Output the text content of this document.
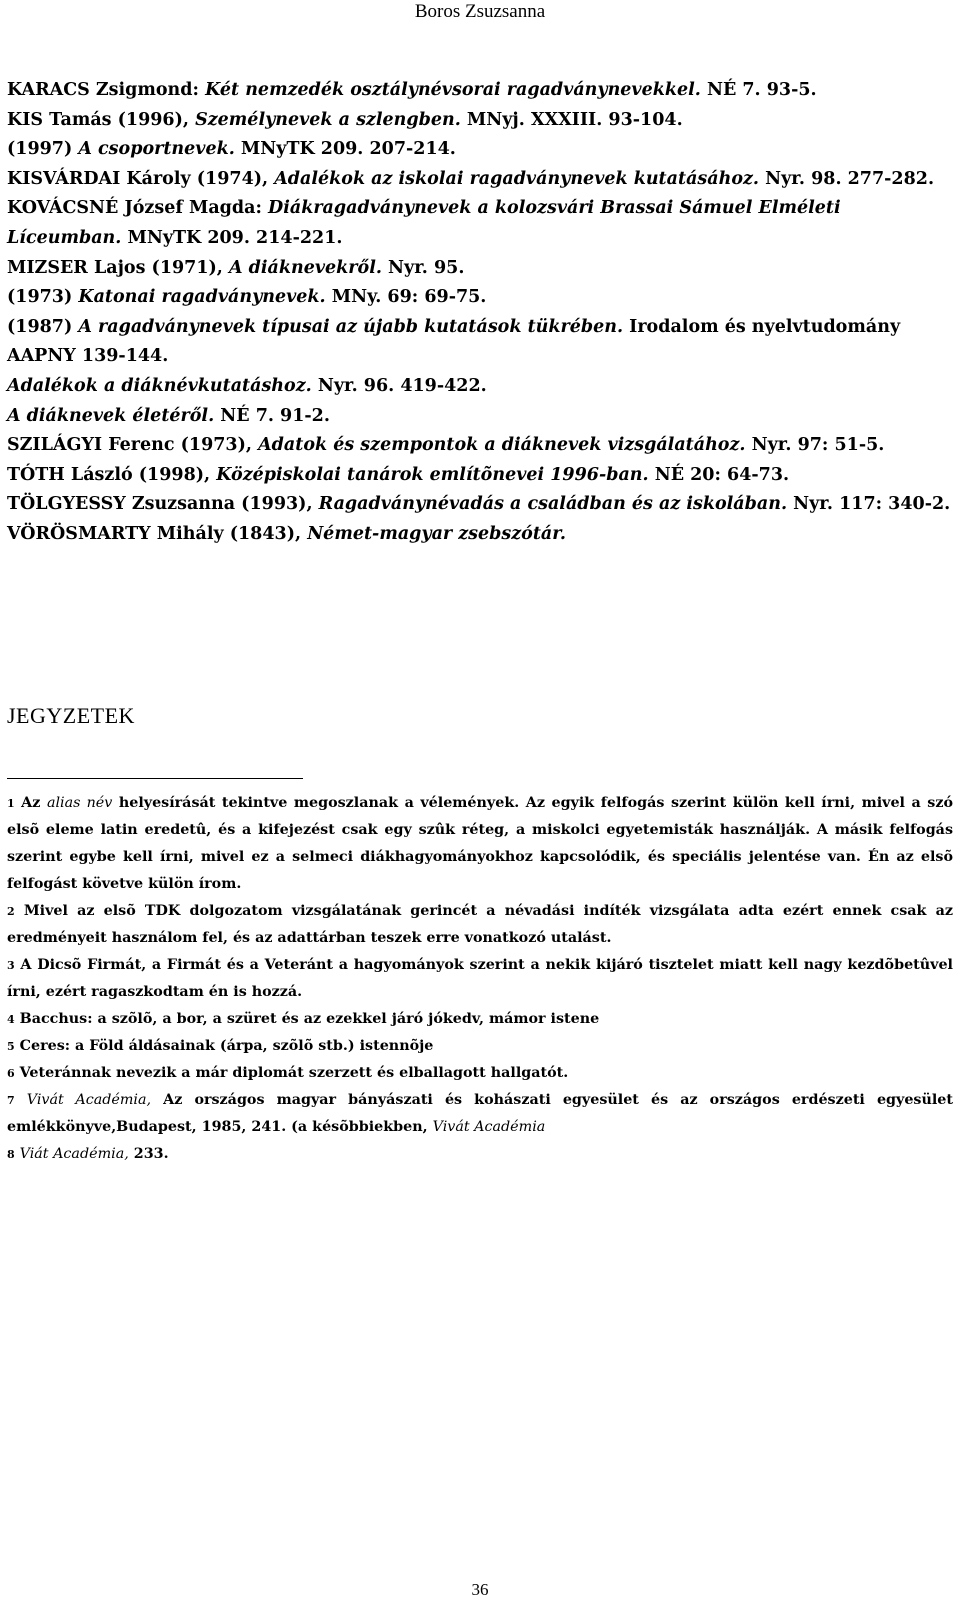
Boros Zsuzsanna

KARACS Zsigmond: Két nemzedék osztálynévsorai ragadványnevekkel. NÉ 7. 93-5.

KIS Tamás (1996), Személynevek a szlengben. MNyj. XXXIII. 93-104.

(1997) A csoportnevek. MNyTK 209. 207-214.

KISVÁRDAI Károly (1974), Adalékok az iskolai ragadványnevek kutatásához. Nyr. 98. 277-282.

KOVÁCSNÉ József Magda: Diákragadványnevek a kolozsvári Brassai Sámuel Elméleti Líceumban. MNyTK 209. 214-221.

MIZSER Lajos (1971), A diáknevekről. Nyr. 95.

(1973) Katonai ragadványnevek. MNy. 69: 69-75.

(1987) A ragadványnevek típusai az újabb kutatások tükrében. Irodalom és nyelvtudomány AAPNY 139-144.

Adalékok a diáknévkutatáshoz. Nyr. 96. 419-422.

A diáknevek életéről. NÉ 7. 91-2.

SZILÁGYI Ferenc (1973), Adatok és szempontok a diáknevek vizsgálatához. Nyr. 97: 51-5.

TÓTH László (1998), Középiskolai tanárok említõnevei 1996-ban. NÉ 20: 64-73.

TÖLGYESSY Zsuzsanna (1993), Ragadványnévadás a családban és az iskolában. Nyr. 117: 340-2.

VÖRÖSMARTY Mihály (1843), Német-magyar zsebszótár.

JEGYZETEK

1 Az alias név helyesírását tekintve megoszlanak a vélemények. Az egyik felfogás szerint külön kell írni, mivel a szó elsõ eleme latin eredetû, és a kifejezést csak egy szûk réteg, a miskolci egyetemisták használják. A másik felfogás szerint egybe kell írni, mivel ez a selmeci diákhagyományokhoz kapcsolódik, és speciális jelentése van. Én az elsõ felfogást követve külön írom.

2 Mivel az elsõ TDK dolgozatom vizsgálatának gerincét a névadási indíték vizsgálata adta ezért ennek csak az eredményeit használom fel, és az adattárban teszek erre vonatkozó utalást.

3 A Dicsõ Firmát, a Firmát és a Veteránt a hagyományok szerint a nekik kijáró tisztelet miatt kell nagy kezdõbetûvel írni, ezért ragaszkodtam én is hozzá.

4 Bacchus: a szõlõ, a bor, a szüret és az ezekkel járó jókedv, mámor istene

5 Ceres: a Föld áldásainak (árpa, szõlõ stb.) istennõje

6 Veteránnak nevezik a már diplomát szerzett és elballagott hallgatót.

7 Vivát Académia, Az országos magyar bányászati és kohászati egyesület és az országos erdészeti egyesület emlékkönyve,Budapest, 1985, 241. (a késõbbiekben, Vivát Académia

8 Viát Académia, 233.

36
